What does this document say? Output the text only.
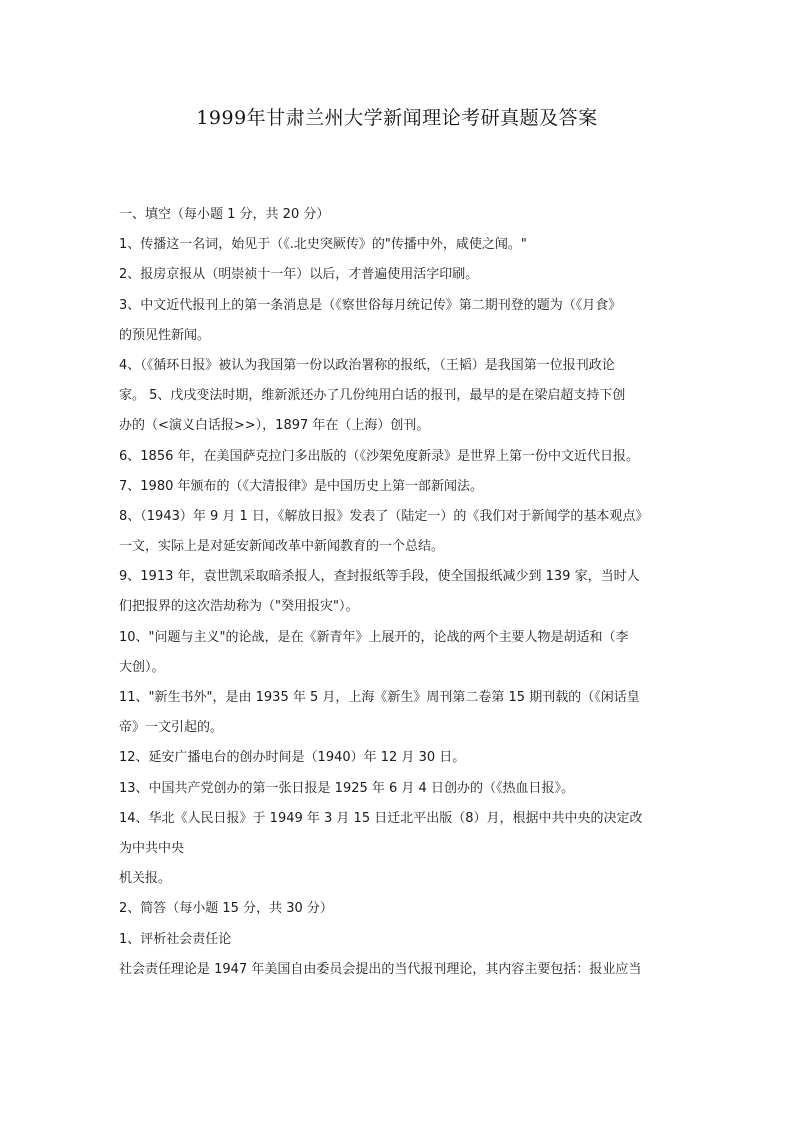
1999年甘肃兰州大学新闻理论考研真题及答案
一、填空（每小题 1 分，共 20 分）
1、传播这一名词，始见于（《.北史突厥传》的"传播中外，咸使之闻。"
2、报房京报从（明崇祯十一年）以后，才普遍使用活字印刷。
3、中文近代报刊上的第一条消息是（《察世俗每月统记传》第二期刊登的题为（《月食》
的预见性新闻。
4、（《循环日报》被认为我国第一份以政治署称的报纸，（王韬）是我国第一位报刊政论
家。 5、戊戌变法时期，维新派还办了几份纯用白话的报刊，最早的是在梁启超支持下创
办的（<演义白话报>>），1897 年在（上海）创刊。
6、1856 年，在美国萨克拉门多出版的（《沙架免度新录》是世界上第一份中文近代日报。
7、1980 年颁布的（《大清报律》是中国历史上第一部新闻法。
8、（1943）年 9 月 1 日，《解放日报》发表了（陆定一）的《我们对于新闻学的基本观点》
一文，实际上是对延安新闻改革中新闻教育的一个总结。
9、1913 年，袁世凯采取暗杀报人，查封报纸等手段，使全国报纸减少到 139 家，当时人
们把报界的这次浩劫称为（"癸用报灾"）。
10、"问题与主义"的论战，是在《新青年》上展开的，论战的两个主要人物是胡适和（李
大创）。
11、"新生书外"，是由 1935 年 5 月，上海《新生》周刊第二卷第 15 期刊载的（《闲话皇
帝》一文引起的。
12、延安广播电台的创办时间是（1940）年 12 月 30 日。
13、中国共产党创办的第一张日报是 1925 年 6 月 4 日创办的（《热血日报》。
14、华北《人民日报》于 1949 年 3 月 15 日迁北平出版（8）月，根据中共中央的决定改
为中共中央
机关报。
2、简答（每小题 15 分，共 30 分）
1、评析社会责任论
社会责任理论是 1947 年美国自由委员会提出的当代报刊理论，其内容主要包括：报业应当
